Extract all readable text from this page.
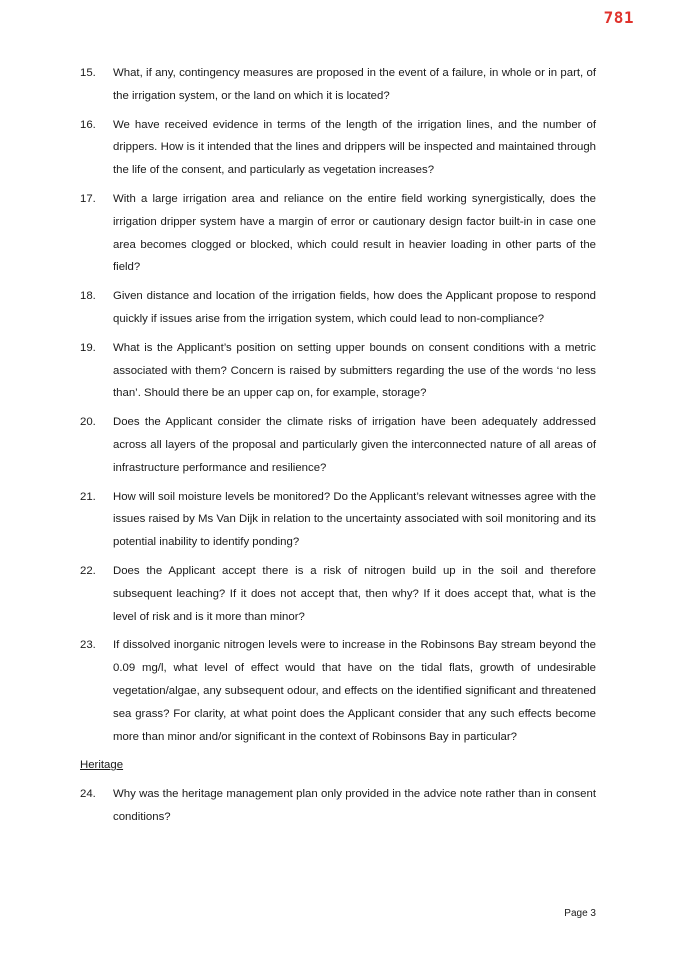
781
15.	What, if any, contingency measures are proposed in the event of a failure, in whole or in part, of the irrigation system, or the land on which it is located?
16.	We have received evidence in terms of the length of the irrigation lines, and the number of drippers. How is it intended that the lines and drippers will be inspected and maintained through the life of the consent, and particularly as vegetation increases?
17.	With a large irrigation area and reliance on the entire field working synergistically, does the irrigation dripper system have a margin of error or cautionary design factor built-in in case one area becomes clogged or blocked, which could result in heavier loading in other parts of the field?
18.	Given distance and location of the irrigation fields, how does the Applicant propose to respond quickly if issues arise from the irrigation system, which could lead to non-compliance?
19.	What is the Applicant’s position on setting upper bounds on consent conditions with a metric associated with them? Concern is raised by submitters regarding the use of the words ‘no less than’. Should there be an upper cap on, for example, storage?
20.	Does the Applicant consider the climate risks of irrigation have been adequately addressed across all layers of the proposal and particularly given the interconnected nature of all areas of infrastructure performance and resilience?
21.	How will soil moisture levels be monitored? Do the Applicant’s relevant witnesses agree with the issues raised by Ms Van Dijk in relation to the uncertainty associated with soil monitoring and its potential inability to identify ponding?
22.	Does the Applicant accept there is a risk of nitrogen build up in the soil and therefore subsequent leaching? If it does not accept that, then why? If it does accept that, what is the level of risk and is it more than minor?
23.	If dissolved inorganic nitrogen levels were to increase in the Robinsons Bay stream beyond the 0.09 mg/l, what level of effect would that have on the tidal flats, growth of undesirable vegetation/algae, any subsequent odour, and effects on the identified significant and threatened sea grass? For clarity, at what point does the Applicant consider that any such effects become more than minor and/or significant in the context of Robinsons Bay in particular?
Heritage
24.	Why was the heritage management plan only provided in the advice note rather than in consent conditions?
Page 3
